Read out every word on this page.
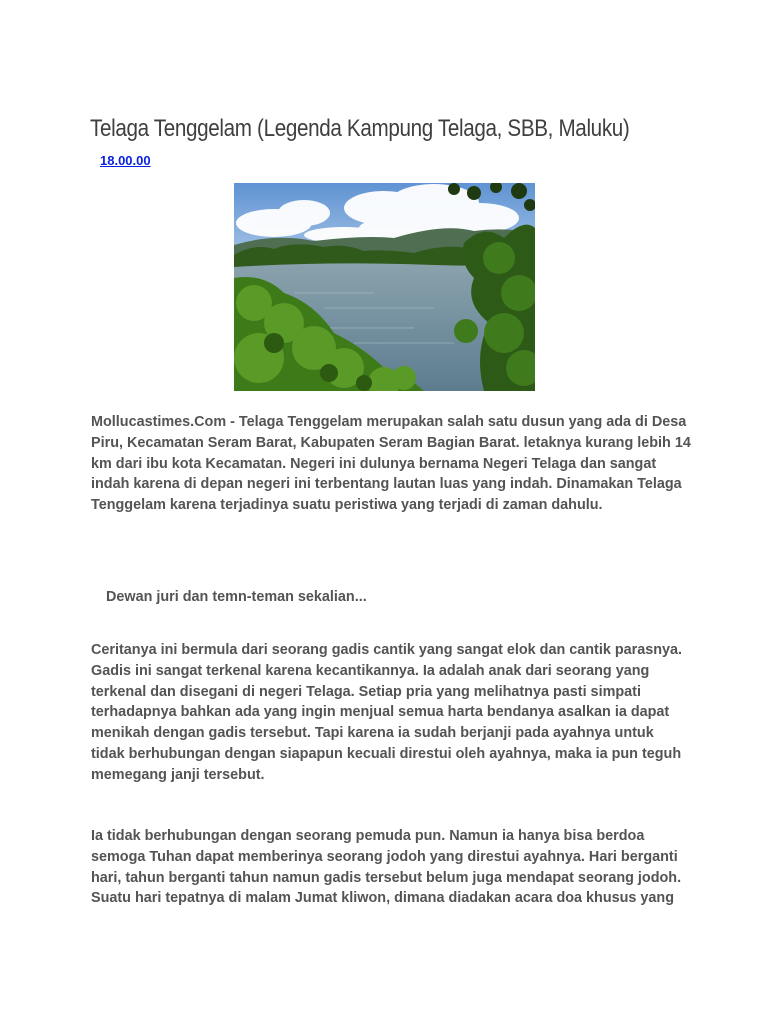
Telaga Tenggelam (Legenda Kampung Telaga, SBB, Maluku)
18.00.00

Mollucastimes.Com - Telaga Tenggelam merupakan salah satu dusun yang ada di Desa Piru, Kecamatan Seram Barat, Kabupaten Seram Bagian Barat. letaknya kurang lebih 14 km dari ibu kota Kecamatan. Negeri ini dulunya bernama Negeri Telaga dan sangat indah karena di depan negeri ini terbentang lautan luas yang indah. Dinamakan Telaga Tenggelam karena terjadinya suatu peristiwa yang terjadi di zaman dahulu.

Dewan juri dan temn-teman sekalian...

Ceritanya ini bermula dari seorang gadis cantik yang sangat elok dan cantik parasnya. Gadis ini sangat terkenal karena kecantikannya. Ia adalah anak dari seorang yang terkenal dan disegani di negeri Telaga. Setiap pria yang melihatnya pasti simpati terhadapnya bahkan ada yang ingin menjual semua harta bendanya asalkan ia dapat menikah dengan gadis tersebut. Tapi karena ia sudah berjanji pada ayahnya untuk tidak berhubungan dengan siapapun kecuali direstui oleh ayahnya, maka ia pun teguh memegang janji tersebut.

Ia tidak berhubungan dengan seorang pemuda pun. Namun ia hanya bisa berdoa semoga Tuhan dapat memberinya seorang jodoh yang direstui ayahnya. Hari berganti hari, tahun berganti tahun namun gadis tersebut belum juga mendapat seorang jodoh. Suatu hari tepatnya di malam Jumat kliwon, dimana diadakan acara doa khusus yang
